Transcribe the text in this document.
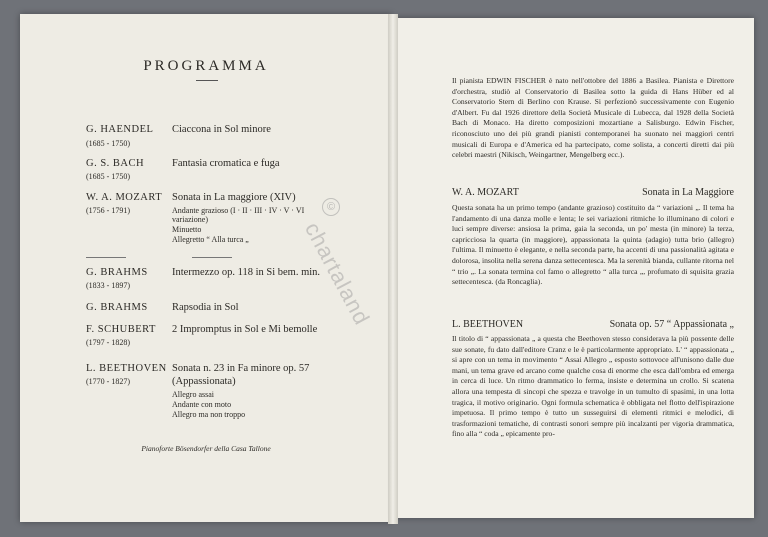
PROGRAMMA
G. HAENDEL
(1685 - 1750)
Ciaccona in Sol minore
G. S. BACH
(1685 - 1750)
Fantasia cromatica e fuga
W. A. MOZART
(1756 - 1791)
Sonata in La maggiore (XIV)
Andante grazioso (I · II · III · IV · V · VI
variazione)
Minuetto
Allegretto “ Alla turca „
G. BRAHMS
(1833 - 1897)
Intermezzo op. 118 in Si bem. min.
G. BRAHMS Rapsodia in Sol
F. SCHUBERT
(1797 - 1828)
2 Impromptus in Sol e Mi bemolle
L. BEETHOVEN
(1770 - 1827)
Sonata n. 23 in Fa minore op. 57
(Appassionata)
Allegro assai
Andante con moto
Allegro ma non troppo
Pianoforte Bösendorfer della Casa Tallone
©
chartaland
Il pianista EDWIN FISCHER è nato nell'ottobre del 1886 a Basilea. Pianista e Direttore d'orchestra, studiò al Conservatorio di Basilea sotto la guida di Hans Hüber ed al Conservatorio Stern di Berlino con Krause. Si perfezionò successivamente con Eugenio d'Albert. Fu dal 1926 direttore della Società Musicale di Lubecca, dal 1928 della Società Bach di Monaco. Ha diretto composizioni mozartiane a Salisburgo. Edwin Fischer, riconosciuto uno dei più grandi pianisti contemporanei ha suonato nei maggiori centri musicali di Europa e d'America ed ha partecipato, come solista, a concerti diretti dai più celebri maestri (Nikisch, Weingartner, Mengelberg ecc.).
W. A. MOZART	Sonata in La Maggiore
Questa sonata ha un primo tempo (andante grazioso) costituito da “ variazioni „. Il tema ha l'andamento di una danza molle e lenta; le sei variazioni ritmiche lo illuminano di colori e luci sempre diverse: ansiosa la prima, gaia la seconda, un po' mesta (in minore) la terza, capricciosa la quarta (in maggiore), appassionata la quinta (adagio) tutta brio (allegro) l'ultima. Il minuetto è elegante, e nella seconda parte, ha accenti di una passionalità agitata e dolorosa, insolita nella serena danza settecentesca. Ma la serenità bianda, cullante ritorna nel “ trio „. La sonata termina col famo o allegretto “ alla turca „, profumato di squisita grazia settecentesca. (da Roncaglia).
L. BEETHOVEN	Sonata op. 57 “ Appassionata „
Il titolo di “ appassionata „ a questa che Beethoven stesso considerava la più possente delle sue sonate, fu dato dall'editore Cranz e le è particolarmente appropriato. L' “ appassionata „ si apre con un tema in movimento “ Assai Allegro „ esposto sottovoce all'unisono dalle due mani, un tema grave ed arcano come qualche cosa di enorme che esca dall'ombra ed emerga in cerca di luce. Un ritmo drammatico lo ferma, insiste e determina un crollo. Si scatena allora una tempesta di sincopi che spezza e travolge in un tumulto di spasimi, in una lotta tragica, il motivo originario. Ogni formula schematica è obbligata nel flotto dell'ispirazione impetuosa. Il primo tempo è tutto un susseguirsi di elementi ritmici e melodici, di trasformazioni tematiche, di contrasti sonori sempre più incalzanti per vigoria drammatica, fino alla “ coda „ epicamente pro-
